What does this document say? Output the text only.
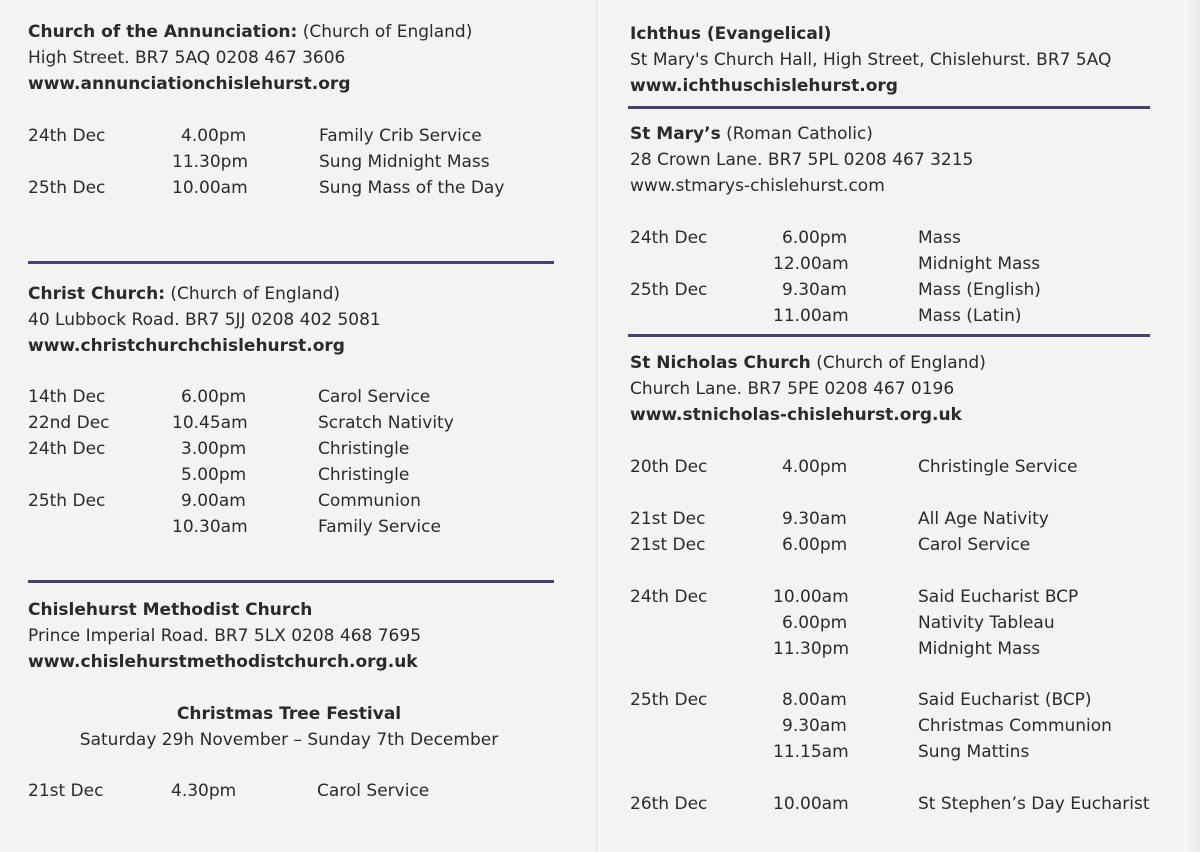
Church of the Annunciation: (Church of England)
High Street. BR7 5AQ 0208 467 3606
www.annunciationchislehurst.org
24th Dec	4.00pm	Family Crib Service
11.30pm	Sung Midnight Mass
25th Dec	10.00am	Sung Mass of the Day
Christ Church: (Church of England)
40 Lubbock Road. BR7 5JJ 0208 402 5081
www.christchurchchislehurst.org
14th Dec	6.00pm	Carol Service
22nd Dec	10.45am	Scratch Nativity
24th Dec	3.00pm	Christingle
5.00pm	Christingle
25th Dec	9.00am	Communion
10.30am	Family Service
Chislehurst Methodist Church
Prince Imperial Road. BR7 5LX 0208 468 7695
www.chislehurstmethodistchurch.org.uk
Christmas Tree Festival
Saturday 29h November – Sunday 7th December
21st Dec	4.30pm	Carol Service
Ichthus (Evangelical)
St Mary's Church Hall, High Street, Chislehurst. BR7 5AQ
www.ichthuschislehurst.org
St Mary’s (Roman Catholic)
28 Crown Lane. BR7 5PL 0208 467 3215
www.stmarys-chislehurst.com
24th Dec	6.00pm	Mass
12.00am	Midnight Mass
25th Dec	9.30am	Mass (English)
11.00am	Mass (Latin)
St Nicholas Church (Church of England)
Church Lane. BR7 5PE 0208 467 0196
www.stnicholas-chislehurst.org.uk
20th Dec	4.00pm	Christingle Service
21st Dec	9.30am	All Age Nativity
21st Dec	6.00pm	Carol Service
24th Dec	10.00am	Said Eucharist BCP
6.00pm	Nativity Tableau
11.30pm	Midnight Mass
25th Dec	8.00am	Said Eucharist (BCP)
9.30am	Christmas Communion
11.15am	Sung Mattins
26th Dec	10.00am	St Stephen’s Day Eucharist
